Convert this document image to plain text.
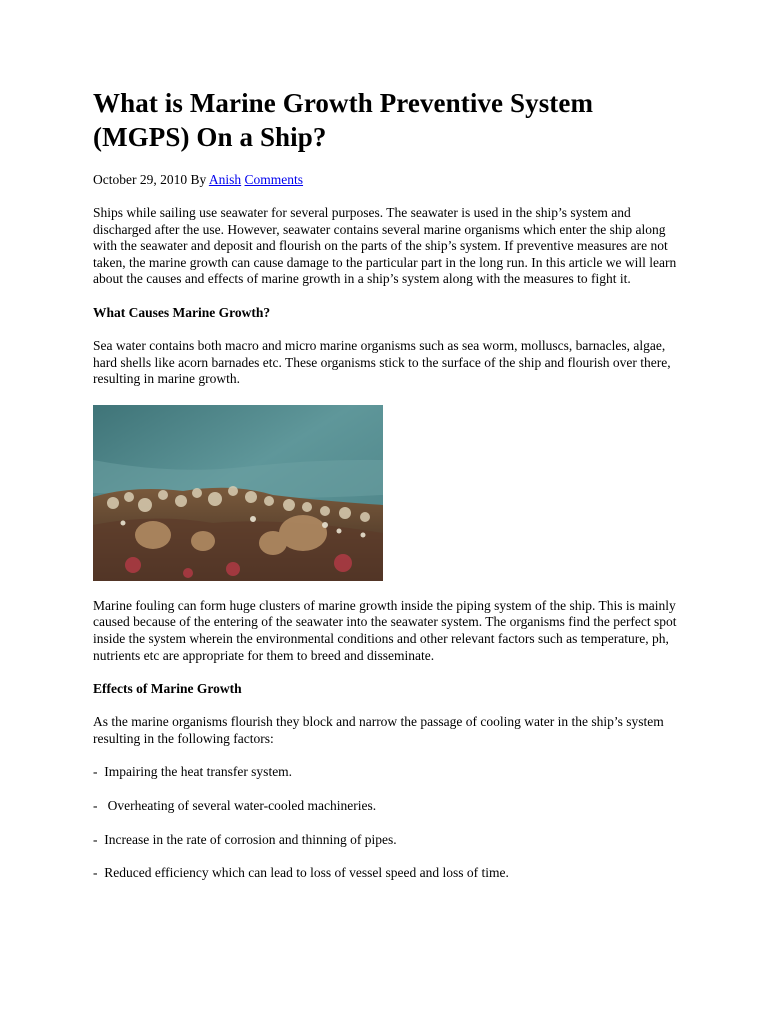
What is Marine Growth Preventive System (MGPS) On a Ship?
October 29, 2010 By Anish Comments

Ships while sailing use seawater for several purposes. The seawater is used in the ship’s system and discharged after the use. However, seawater contains several marine organisms which enter the ship along with the seawater and deposit and flourish on the parts of the ship’s system. If preventive measures are not taken, the marine growth can cause damage to the particular part in the long run. In this article we will learn about the causes and effects of marine growth in a ship’s system along with the measures to fight it.

What Causes Marine Growth?

Sea water contains both macro and micro marine organisms such as sea worm, molluscs, barnacles, algae, hard shells like acorn barnades etc. These organisms stick to the surface of the ship and flourish over there, resulting in marine growth.

Marine fouling can form huge clusters of marine growth inside the piping system of the ship. This is mainly caused because of the entering of the seawater into the seawater system. The organisms find the perfect spot inside the system wherein the environmental conditions and other relevant factors such as temperature, ph, nutrients etc are appropriate for them to breed and disseminate.

Effects of Marine Growth

As the marine organisms flourish they block and narrow the passage of cooling water in the ship’s system resulting in the following factors:

-  Impairing the heat transfer system.

-   Overheating of several water-cooled machineries.

-  Increase in the rate of corrosion and thinning of pipes.

-  Reduced efficiency which can lead to loss of vessel speed and loss of time.
